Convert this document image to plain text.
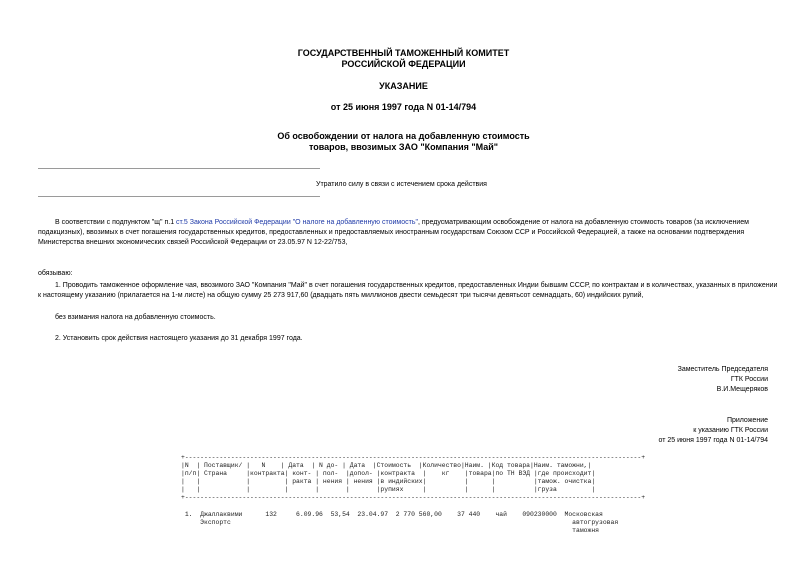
ГОСУДАРСТВЕННЫЙ ТАМОЖЕННЫЙ КОМИТЕТ
РОССИЙСКОЙ ФЕДЕРАЦИИ
УКАЗАНИЕ
от 25 июня 1997 года N 01-14/794
Об освобождении от налога на добавленную стоимость
товаров, ввозимых ЗАО "Компания "Май"
Утратило силу в связи с истечением срока действия
В соответствии с подпунктом "щ" п.1 ст.5 Закона Российской Федерации "О налоге на добавленную стоимость", предусматривающим освобождение от налога на добавленную стоимость товаров (за исключением подакцизных), ввозимых в счет погашения государственных кредитов, предоставленных и предоставляемых иностранным государствам Союзом ССР и Российской Федерацией, а также на основании подтверждения Министерства внешних экономических связей Российской Федерации от 23.05.97 N 12-22/753,
обязываю:
1. Проводить таможенное оформление чая, ввозимого ЗАО "Компания "Май" в счет погашения государственных кредитов, предоставленных Индии бывшим СССР, по контрактам и в количествах, указанных в приложении к настоящему указанию (прилагается на 1-м листе) на общую сумму 25 273 917,60 (двадцать пять миллионов двести семьдесят три тысячи девятьсот семнадцать, 60) индийских рупий,
без взимания налога на добавленную стоимость.
2. Установить срок действия настоящего указания до 31 декабря 1997 года.
Заместитель Председателя
ГТК России
В.И.Мещеряков
Приложение
к указанию ГТК России
от 25 июня 1997 года N 01-14/794
+-----------------------------------------------------------------------------------------------------------------------+
|N  | Поставщик/ |   N    | Дата  | N до- | Дата  |Стоимость  |Количество|Наим. |Код товара|Наим. таможни,|
|п/п| Страна     |контракта| конт- | пол-  |допол- |контракта  |    кг    |товара|по ТН ВЭД |где происходит|
|   |            |         | ракта | нения | нения |в индийских|          |      |          |тамож. очистка|
|   |            |         |       |       |       |рупиях     |          |      |          |груза         |
+-----------------------------------------------------------------------------------------------------------------------+

1.  Джаллаквими      132     6.09.96  53,54  23.04.97  2 770 560,00    37 440    чай    090230000  Московская
Экспортс                                                                                         автогрузовая
таможня
